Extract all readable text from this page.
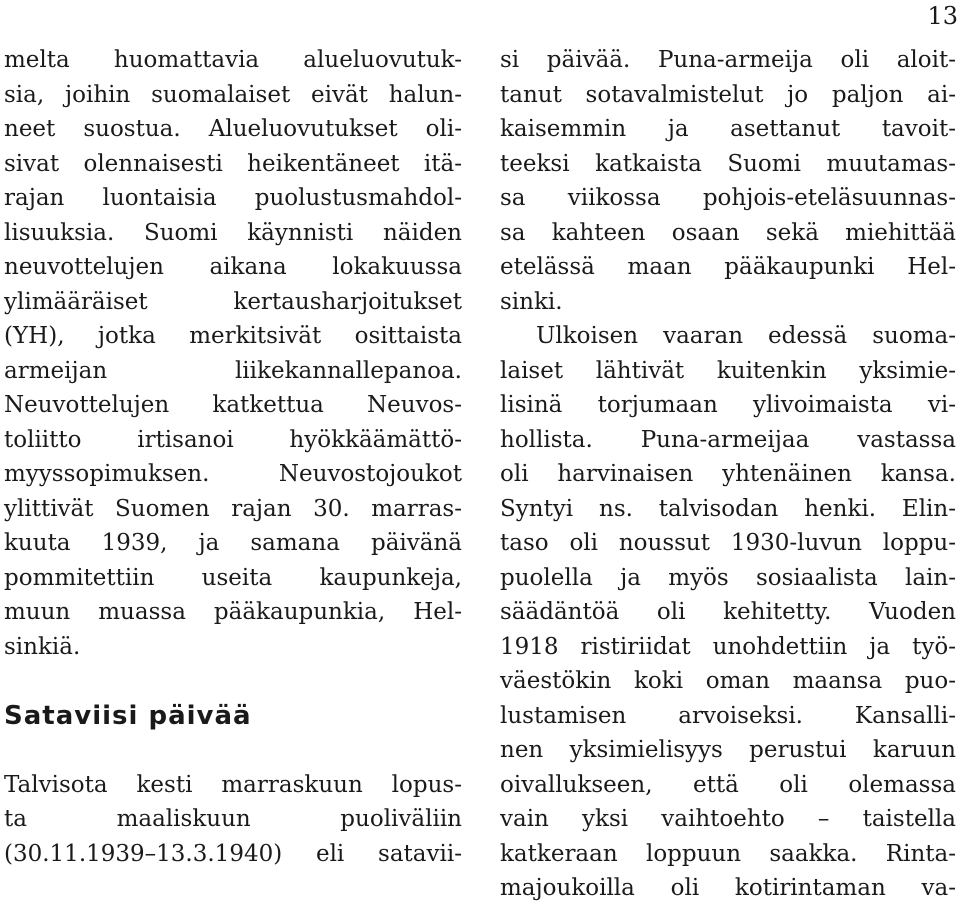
13
melta huomattavia alueluovutuk-
sia, joihin suomalaiset eivät halun-
neet suostua. Alueluovutukset oli-
sivat olennaisesti heikentäneet itä-
rajan luontaisia puolustusmahdol-
lisuuksia. Suomi käynnisti näiden
neuvottelujen aikana lokakuussa
ylimääräiset kertausharjoitukset
(YH), jotka merkitsivät osittaista
armeijan liikekannallepanoa.
Neuvottelujen katkettua Neuvos-
toliitto irtisanoi hyökkäämättö-
myyssopimuksen. Neuvostojoukot
ylittivät Suomen rajan 30. marras-
kuuta 1939, ja samana päivänä
pommitettiin useita kaupunkeja,
muun muassa pääkaupunkia, Hel-
sinkiä.
Sataviisi päivää
Talvisota kesti marraskuun lopus-
ta maaliskuun puoliväliin
(30.11.1939–13.3.1940) eli satavii-
si päivää. Puna-armeija oli aloit-
tanut sotavalmistelut jo paljon ai-
kaisemmin ja asettanut tavoit-
teeksi katkaista Suomi muutamas-
sa viikossa pohjois-eteläsuunnas-
sa kahteen osaan sekä miehittää
etelässä maan pääkaupunki Hel-
sinki.
Ulkoisen vaaran edessä suoma-
laiset lähtivät kuitenkin yksimie-
lisinä torjumaan ylivoimaista vi-
hollista. Puna-armeijaa vastassa
oli harvinaisen yhtenäinen kansa.
Syntyi ns. talvisodan henki. Elin-
taso oli noussut 1930-luvun loppu-
puolella ja myös sosiaalista lain-
säädäntöä oli kehitetty. Vuoden
1918 ristiriidat unohdettiin ja työ-
väestökin koki oman maansa puo-
lustamisen arvoiseksi. Kansalli-
nen yksimielisyys perustui karuun
oivallukseen, että oli olemassa
vain yksi vaihtoehto – taistella
katkeraan loppuun saakka. Rinta-
majoukoilla oli kotirintaman va-
